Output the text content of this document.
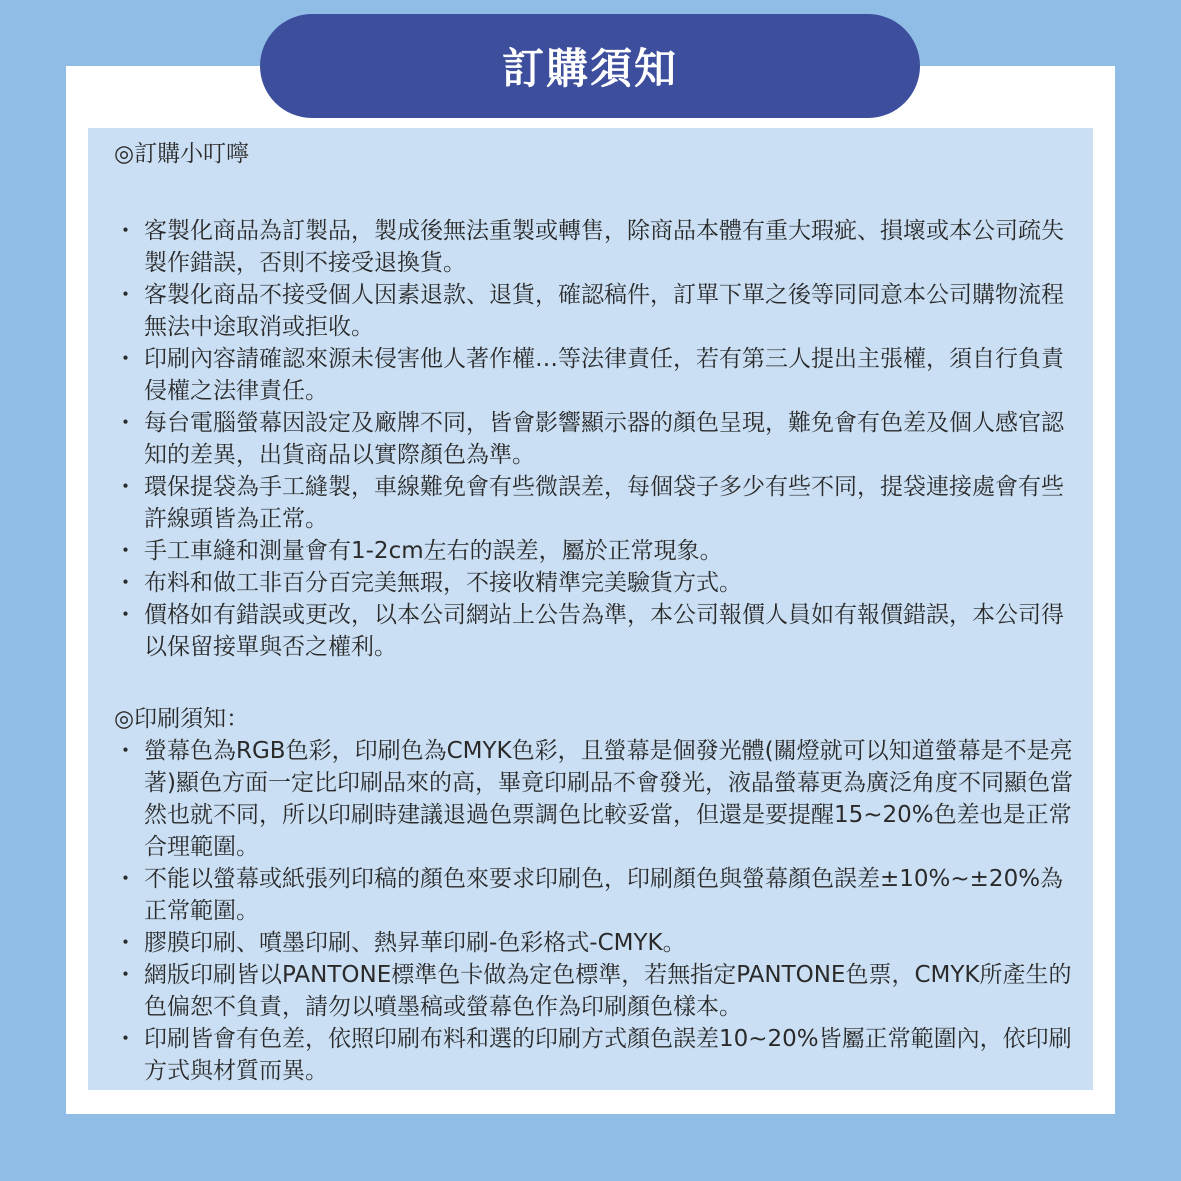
訂購須知
◎訂購小叮嚀
・ 客製化商品為訂製品，製成後無法重製或轉售，除商品本體有重大瑕疵、損壞或本公司疏失製作錯誤，否則不接受退換貨。
・ 客製化商品不接受個人因素退款、退貨，確認稿件，訂單下單之後等同同意本公司購物流程無法中途取消或拒收。
・ 印刷內容請確認來源未侵害他人著作權…等法律責任，若有第三人提出主張權，須自行負責侵權之法律責任。
・ 每台電腦螢幕因設定及廠牌不同，皆會影響顯示器的顏色呈現，難免會有色差及個人感官認知的差異，出貨商品以實際顏色為準。
・ 環保提袋為手工縫製，車線難免會有些微誤差，每個袋子多少有些不同，提袋連接處會有些許線頭皆為正常。
・ 手工車縫和測量會有1-2cm左右的誤差，屬於正常現象。
・ 布料和做工非百分百完美無瑕，不接收精準完美驗貨方式。
・ 價格如有錯誤或更改，以本公司網站上公告為準，本公司報價人員如有報價錯誤，本公司得以保留接單與否之權利。
◎印刷須知：
・ 螢幕色為RGB色彩，印刷色為CMYK色彩，且螢幕是個發光體(關燈就可以知道螢幕是不是亮著)顯色方面一定比印刷品來的高，畢竟印刷品不會發光，液晶螢幕更為廣泛角度不同顯色當然也就不同，所以印刷時建議退過色票調色比較妥當，但還是要提醒15~20%色差也是正常合理範圍。
・ 不能以螢幕或紙張列印稿的顏色來要求印刷色，印刷顏色與螢幕顏色誤差±10%~±20%為正常範圍。
・ 膠膜印刷、噴墨印刷、熱昇華印刷-色彩格式-CMYK。
・ 網版印刷皆以PANTONE標準色卡做為定色標準，若無指定PANTONE色票，CMYK所產生的色偏恕不負責，請勿以噴墨稿或螢幕色作為印刷顏色樣本。
・ 印刷皆會有色差，依照印刷布料和選的印刷方式顏色誤差10~20%皆屬正常範圍內，依印刷方式與材質而異。
